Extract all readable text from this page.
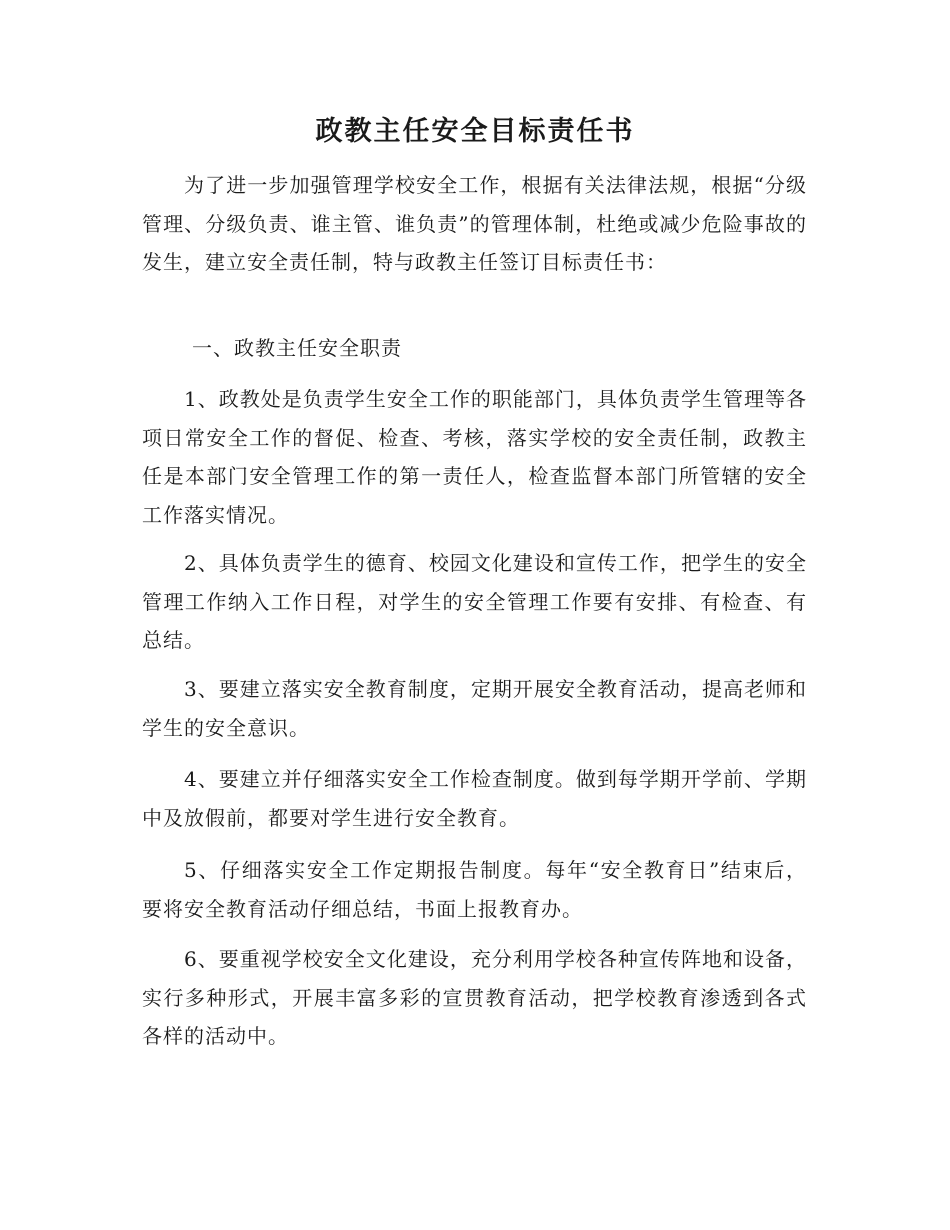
政教主任安全目标责任书

为了进一步加强管理学校安全工作，根据有关法律法规，根据“分级管理、分级负责、谁主管、谁负责”的管理体制，杜绝或减少危险事故的发生，建立安全责任制，特与政教主任签订目标责任书：

一、政教主任安全职责

1、政教处是负责学生安全工作的职能部门，具体负责学生管理等各项日常安全工作的督促、检查、考核，落实学校的安全责任制，政教主任是本部门安全管理工作的第一责任人，检查监督本部门所管辖的安全工作落实情况。

2、具体负责学生的德育、校园文化建设和宣传工作，把学生的安全管理工作纳入工作日程，对学生的安全管理工作要有安排、有检查、有总结。

3、要建立落实安全教育制度，定期开展安全教育活动，提高老师和学生的安全意识。

4、要建立并仔细落实安全工作检查制度。做到每学期开学前、学期中及放假前，都要对学生进行安全教育。

5、仔细落实安全工作定期报告制度。每年“安全教育日”结束后，要将安全教育活动仔细总结，书面上报教育办。

6、要重视学校安全文化建设，充分利用学校各种宣传阵地和设备，实行多种形式，开展丰富多彩的宣贯教育活动，把学校教育渗透到各式各样的活动中。
